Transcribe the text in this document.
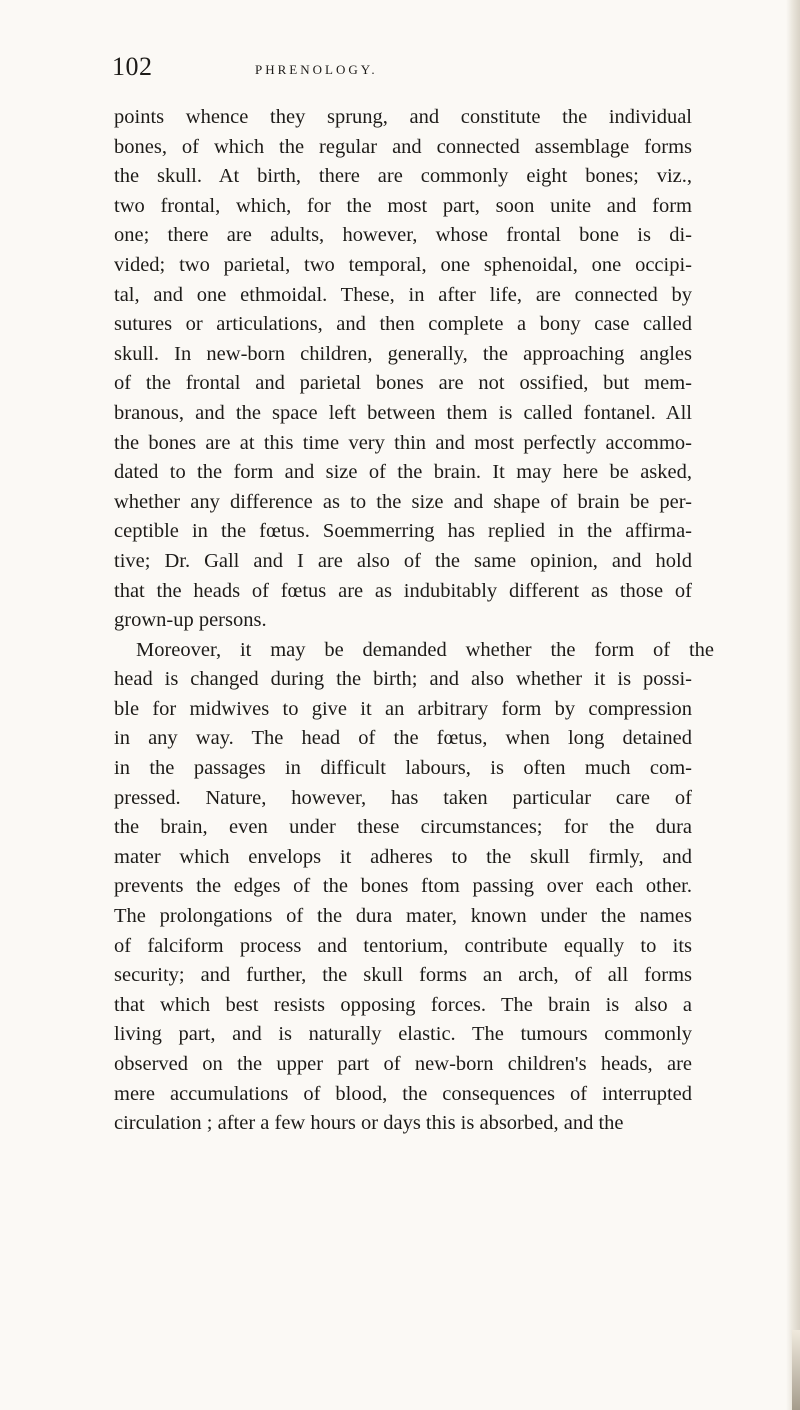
102	PHRENOLOGY.
points whence they sprung, and constitute the individual
bones, of which the regular and connected assemblage forms
the skull. At birth, there are commonly eight bones; viz.,
two frontal, which, for the most part, soon unite and form
one; there are adults, however, whose frontal bone is di-
vided; two parietal, two temporal, one sphenoidal, one occipi-
tal, and one ethmoidal. These, in after life, are connected by
sutures or articulations, and then complete a bony case called
skull. In new-born children, generally, the approaching angles
of the frontal and parietal bones are not ossified, but mem-
branous, and the space left between them is called fontanel. All
the bones are at this time very thin and most perfectly accommo-
dated to the form and size of the brain. It may here be asked,
whether any difference as to the size and shape of brain be per-
ceptible in the fœtus. Soemmerring has replied in the affirma-
tive; Dr. Gall and I are also of the same opinion, and hold
that the heads of fœtus are as indubitably different as those of
grown-up persons.
Moreover, it may be demanded whether the form of the
head is changed during the birth; and also whether it is possi-
ble for midwives to give it an arbitrary form by compression
in any way. The head of the fœtus, when long detained
in the passages in difficult labours, is often much com-
pressed. Nature, however, has taken particular care of
the brain, even under these circumstances; for the dura
mater which envelops it adheres to the skull firmly, and
prevents the edges of the bones ftom passing over each other.
The prolongations of the dura mater, known under the names
of falciform process and tentorium, contribute equally to its
security; and further, the skull forms an arch, of all forms
that which best resists opposing forces. The brain is also a
living part, and is naturally elastic. The tumours commonly
observed on the upper part of new-born children's heads, are
mere accumulations of blood, the consequences of interrupted
circulation ; after a few hours or days this is absorbed, and the
